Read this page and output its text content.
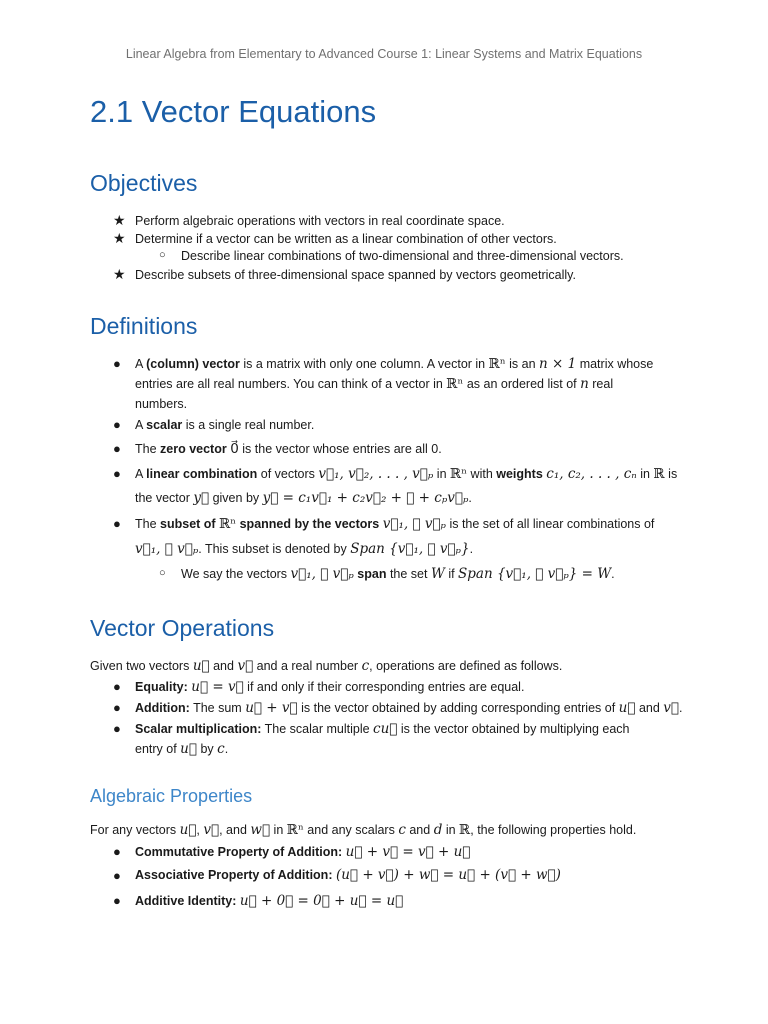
Linear Algebra from Elementary to Advanced Course 1: Linear Systems and Matrix Equations
2.1 Vector Equations
Objectives
★ Perform algebraic operations with vectors in real coordinate space.
★ Determine if a vector can be written as a linear combination of other vectors.
○ Describe linear combinations of two-dimensional and three-dimensional vectors.
★ Describe subsets of three-dimensional space spanned by vectors geometrically.
Definitions
● A (column) vector is a matrix with only one column. A vector in ℝⁿ is an n × 1 matrix whose
entries are all real numbers. You can think of a vector in ℝⁿ as an ordered list of n real
numbers.
● A scalar is a single real number.
● The zero vector 0⃗ is the vector whose entries are all 0.
● A linear combination of vectors v⃗₁, v⃗₂, . . . , v⃗ₚ in ℝⁿ with weights c₁, c₂, . . . , cₙ in ℝ is
the vector y⃗ given by y⃗ = c₁v⃗₁ + c₂v⃗₂ + ⋯ + cₚv⃗ₚ.
● The subset of ℝⁿ spanned by the vectors v⃗₁, ⋯ v⃗ₚ is the set of all linear combinations of
v⃗₁, ⋯ v⃗ₚ. This subset is denoted by Span {v⃗₁, ⋯ v⃗ₚ}.
○ We say the vectors v⃗₁, ⋯ v⃗ₚ span the set W if Span {v⃗₁, ⋯ v⃗ₚ} = W.
Vector Operations
Given two vectors u⃗ and v⃗ and a real number c, operations are defined as follows.
● Equality: u⃗ = v⃗ if and only if their corresponding entries are equal.
● Addition: The sum u⃗ + v⃗ is the vector obtained by adding corresponding entries of u⃗ and v⃗.
● Scalar multiplication: The scalar multiple cu⃗ is the vector obtained by multiplying each
entry of u⃗ by c.
Algebraic Properties
For any vectors u⃗, v⃗, and w⃗ in ℝⁿ and any scalars c and d in ℝ, the following properties hold.
● Commutative Property of Addition: u⃗ + v⃗ = v⃗ + u⃗
● Associative Property of Addition: (u⃗ + v⃗) + w⃗ = u⃗ + (v⃗ + w⃗)
● Additive Identity: u⃗ + 0⃗ = 0⃗ + u⃗ = u⃗
